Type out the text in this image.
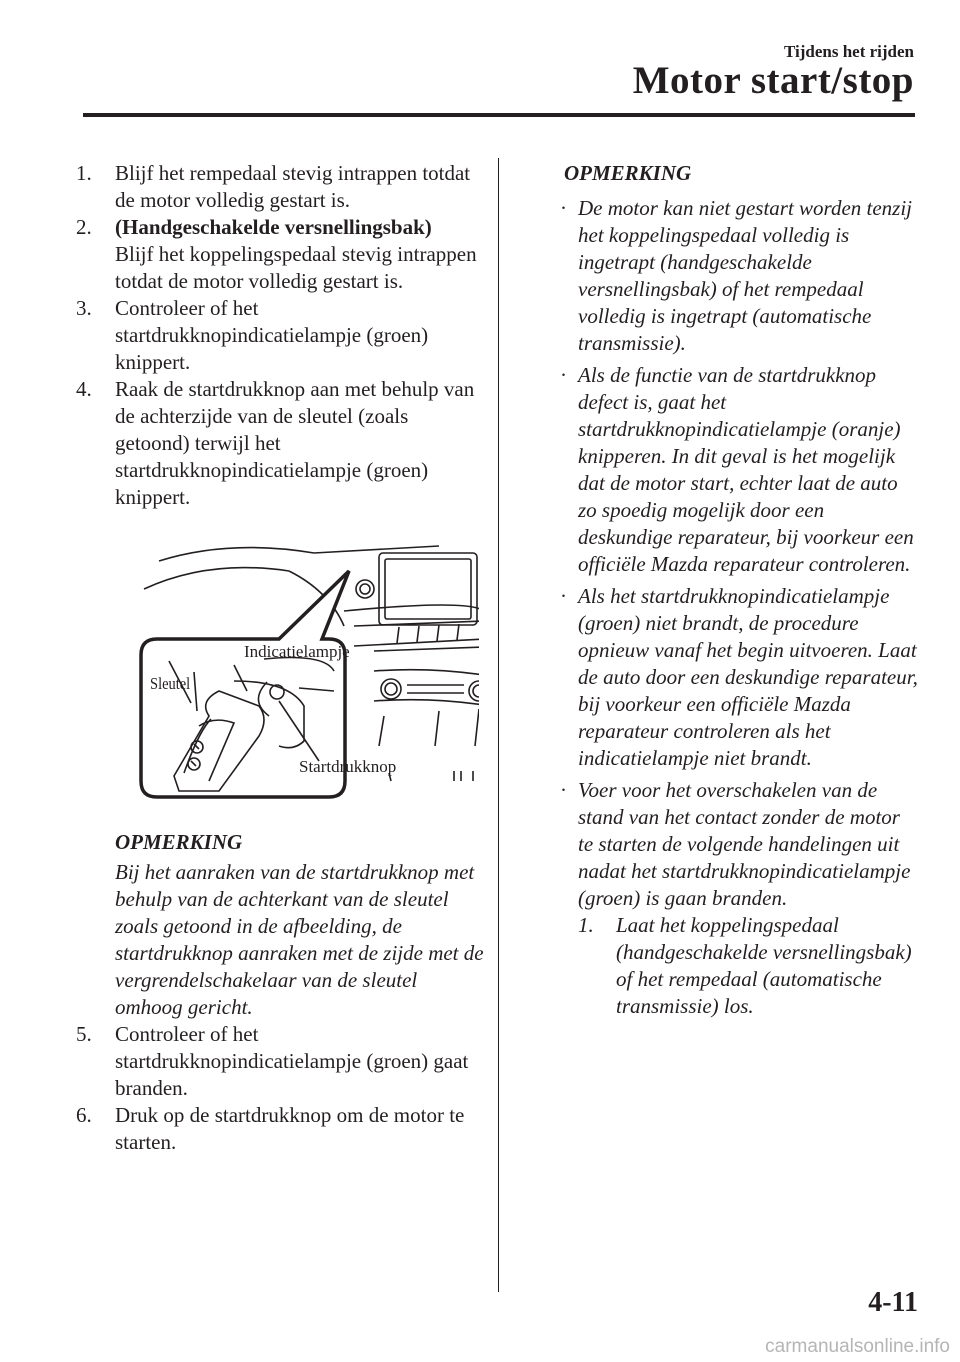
Tijdens het rijden
Motor start/stop
1.	Blijf het rempedaal stevig intrappen totdat de motor volledig gestart is.
2.	(Handgeschakelde versnellingsbak)
Blijf het koppelingspedaal stevig intrappen totdat de motor volledig gestart is.
3.	Controleer of het startdrukknopindicatielampje (groen) knippert.
4.	Raak de startdrukknop aan met behulp van de achterzijde van de sleutel (zoals getoond) terwijl het startdrukknopindicatielampje (groen) knippert.
Indicatielampje
Sleutel
Startdrukknop
OPMERKING
Bij het aanraken van de startdrukknop met behulp van de achterkant van de sleutel zoals getoond in de afbeelding, de startdrukknop aanraken met de zijde met de vergrendelschakelaar van de sleutel omhoog gericht.
5.	Controleer of het startdrukknopindicatielampje (groen) gaat branden.
6.	Druk op de startdrukknop om de motor te starten.
OPMERKING
· De motor kan niet gestart worden tenzij het koppelingspedaal volledig is ingetrapt (handgeschakelde versnellingsbak) of het rempedaal volledig is ingetrapt (automatische transmissie).
· Als de functie van de startdrukknop defect is, gaat het startdrukknopindicatielampje (oranje) knipperen. In dit geval is het mogelijk dat de motor start, echter laat de auto zo spoedig mogelijk door een deskundige reparateur, bij voorkeur een officiële Mazda reparateur controleren.
· Als het startdrukknopindicatielampje (groen) niet brandt, de procedure opnieuw vanaf het begin uitvoeren. Laat de auto door een deskundige reparateur, bij voorkeur een officiële Mazda reparateur controleren als het indicatielampje niet brandt.
· Voer voor het overschakelen van de stand van het contact zonder de motor te starten de volgende handelingen uit nadat het startdrukknopindicatielampje (groen) is gaan branden.
1.	Laat het koppelingspedaal (handgeschakelde versnellingsbak) of het rempedaal (automatische transmissie) los.
4-11
carmanualsonline.info
